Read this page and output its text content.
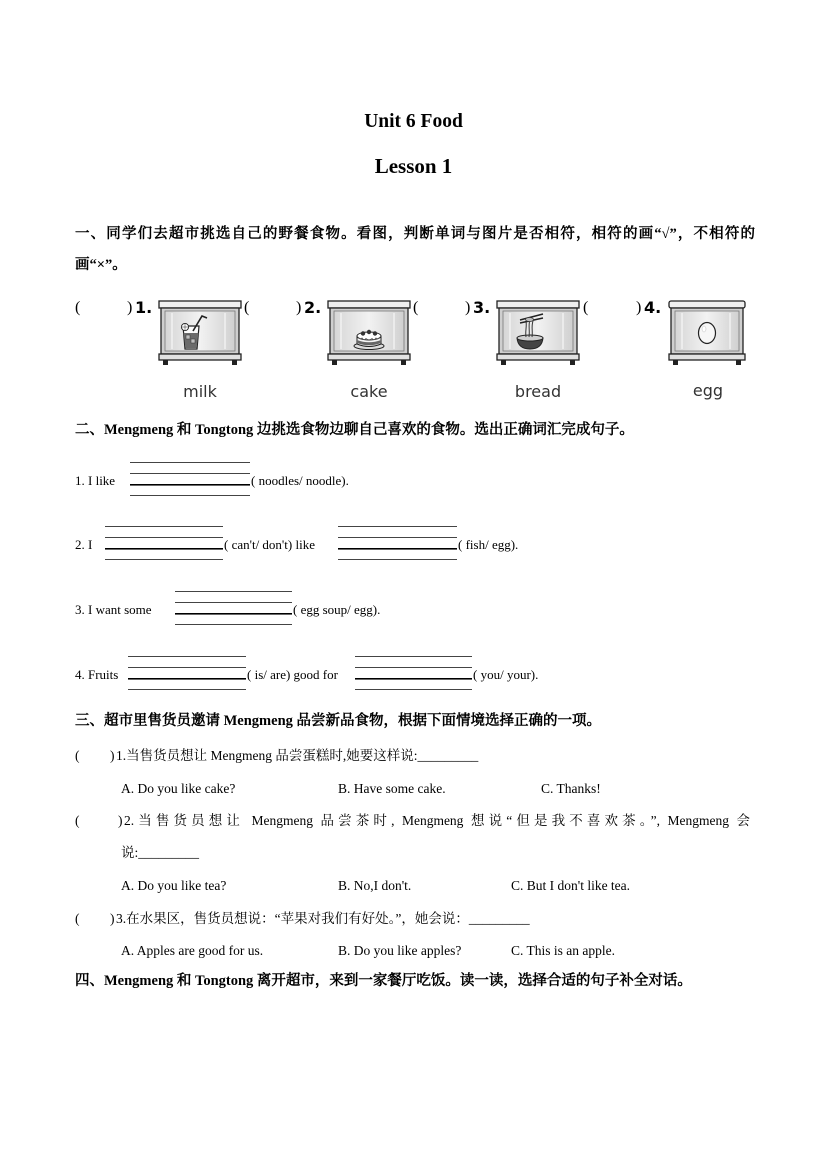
Unit 6 Food
Lesson 1
一、同学们去超市挑选自己的野餐食物。看图，判断单词与图片是否相符，相符的画“√”，不相符的画“×”。
(	) 1.
milk
(	) 2.
cake
(	) 3.
bread
(	) 4.
egg
二、Mengmeng 和 Tongtong 边挑选食物边聊自己喜欢的食物。选出正确词汇完成句子。
1. I like	( noodles/ noodle).
2. I	( can't/ don't) like	( fish/ egg).
3. I want some	( egg soup/ egg).
4. Fruits	( is/ are) good for	( you/ your).
三、超市里售货员邀请 Mengmeng 品尝新品食物，根据下面情境选择正确的一项。
( ) 1.当售货员想让 Mengmeng 品尝蛋糕时,她要这样说:_________
A. Do you like cake?	B. Have some cake.	C. Thanks!
(	) 2.当售货员想让 Mengmeng 品尝茶时, Mengmeng 想说“但是我不喜欢茶。”, Mengmeng 会
说:_________
A. Do you like tea?	B. No,I don't.	C. But I don't like tea.
( ) 3.在水果区，售货员想说：“苹果对我们有好处。”，她会说：_________
A. Apples are good for us.	B. Do you like apples?	C. This is an apple.
四、Mengmeng 和 Tongtong 离开超市，来到一家餐厅吃饭。读一读，选择合适的句子补全对话。
